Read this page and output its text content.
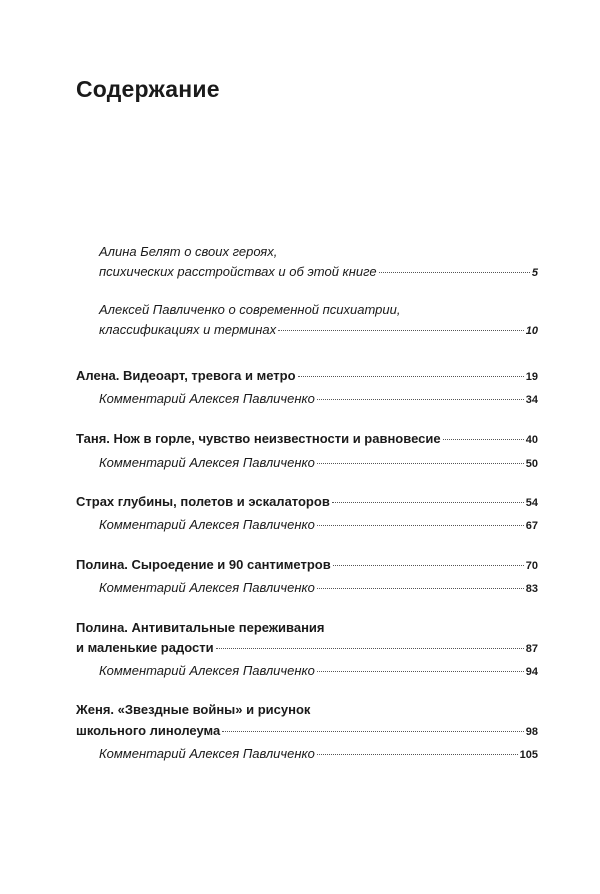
Содержание
Алина Белят о своих героях,
психических расстройствах и об этой книге	5
Алексей Павличенко о современной психиатрии,
классификациях и терминах	10
Алена. Видеоарт, тревога и метро	19
Комментарий Алексея Павличенко	34
Таня. Нож в горле, чувство неизвестности и равновесие	40
Комментарий Алексея Павличенко	50
Страх глубины, полетов и эскалаторов	54
Комментарий Алексея Павличенко	67
Полина. Сыроедение и 90 сантиметров	70
Комментарий Алексея Павличенко	83
Полина. Антивитальные переживания
и маленькие радости	87
Комментарий Алексея Павличенко	94
Женя. «Звездные войны» и рисунок
школьного линолеума	98
Комментарий Алексея Павличенко	105
